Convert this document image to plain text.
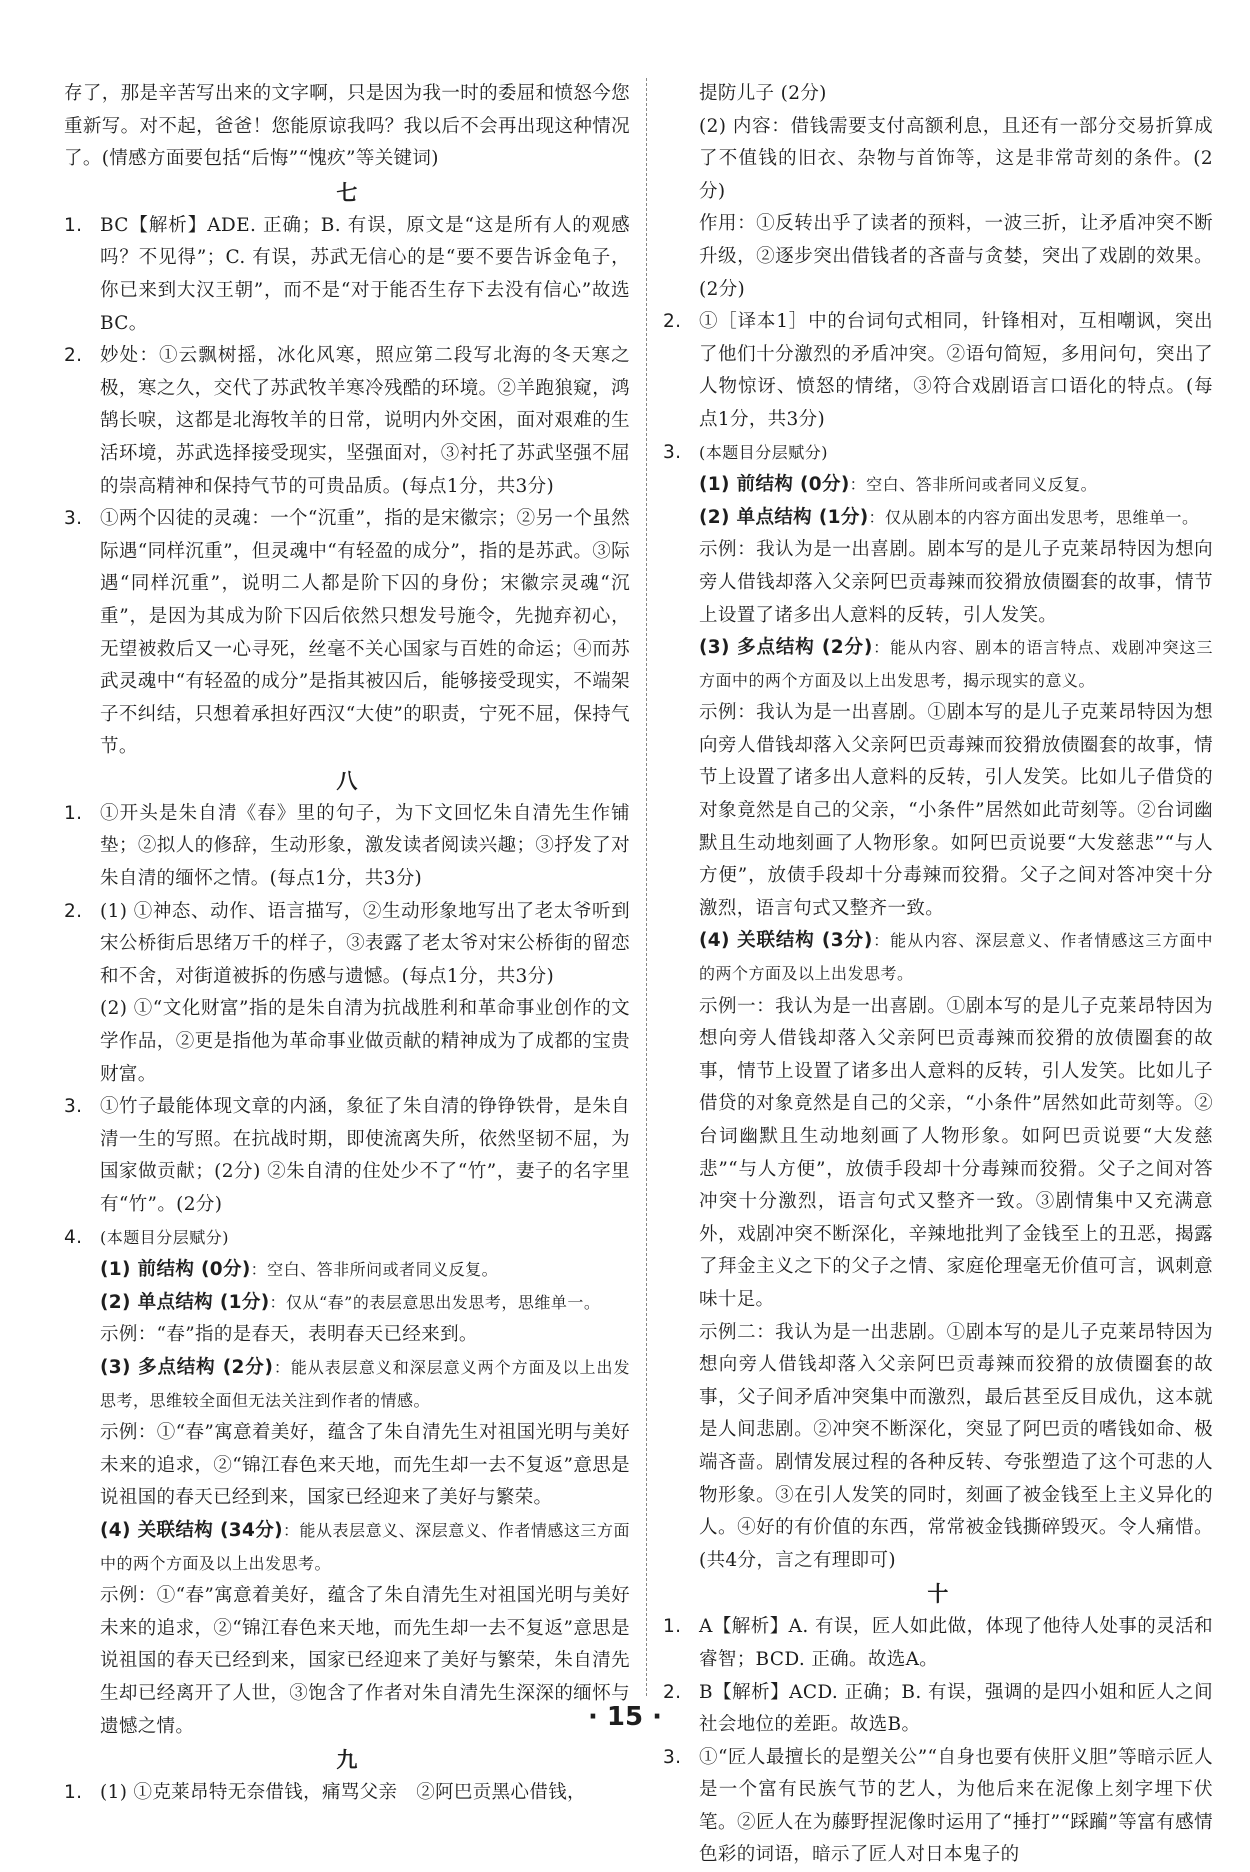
存了，那是辛苦写出来的文字啊，只是因为我一时的委屈和愤怒今您重新写。对不起，爸爸！您能原谅我吗？我以后不会再出现这种情况了。(情感方面要包括“后悔”“愧疚”等关键词)

七

1. BC【解析】ADE. 正确；B. 有误，原文是“这是所有人的观感吗？不见得”；C. 有误，苏武无信心的是“要不要告诉金龟子，你已来到大汉王朝”，而不是“对于能否生存下去没有信心”故选BC。
2. 妙处：①云飘树摇，冰化风寒，照应第二段写北海的冬天寒之极，寒之久，交代了苏武牧羊寒冷残酷的环境。②羊跑狼窥，鸿鹄长唳，这都是北海牧羊的日常，说明内外交困，面对艰难的生活环境，苏武选择接受现实，坚强面对，③衬托了苏武坚强不屈的崇高精神和保持气节的可贵品质。(每点1分，共3分)
3. ①两个囚徒的灵魂：一个“沉重”，指的是宋徽宗；②另一个虽然际遇“同样沉重”，但灵魂中“有轻盈的成分”，指的是苏武。③际遇“同样沉重”，说明二人都是阶下囚的身份；宋徽宗灵魂“沉重”，是因为其成为阶下囚后依然只想发号施令，先抛弃初心，无望被救后又一心寻死，丝毫不关心国家与百姓的命运；④而苏武灵魂中“有轻盈的成分”是指其被囚后，能够接受现实，不端架子不纠结，只想着承担好西汉“大使”的职责，宁死不屈，保持气节。

八

1. ①开头是朱自清《春》里的句子，为下文回忆朱自清先生作铺垫；②拟人的修辞，生动形象，激发读者阅读兴趣；③抒发了对朱自清的缅怀之情。(每点1分，共3分)
2. (1) ①神态、动作、语言描写，②生动形象地写出了老太爷听到宋公桥街后思绪万千的样子，③表露了老太爷对宋公桥街的留恋和不舍，对街道被拆的伤感与遗憾。(每点1分，共3分)

(2) ①“文化财富”指的是朱自清为抗战胜利和革命事业创作的文学作品，②更是指他为革命事业做贡献的精神成为了成都的宝贵财富。

3. ①竹子最能体现文章的内涵，象征了朱自清的铮铮铁骨，是朱自清一生的写照。在抗战时期，即使流离失所，依然坚韧不屈，为国家做贡献；(2分) ②朱自清的住处少不了“竹”，妻子的名字里有“竹”。(2分)
4. (本题目分层赋分)

(1) 前结构 (0分)：空白、答非所问或者同义反复。

(2) 单点结构 (1分)：仅从“春”的表层意思出发思考，思维单一。

示例：“春”指的是春天，表明春天已经来到。

(3) 多点结构 (2分)：能从表层意义和深层意义两个方面及以上出发思考，思维较全面但无法关注到作者的情感。

示例：①“春”寓意着美好，蕴含了朱自清先生对祖国光明与美好未来的追求，②“锦江春色来天地，而先生却一去不复返”意思是说祖国的春天已经到来，国家已经迎来了美好与繁荣。

(4) 关联结构 (34分)：能从表层意义、深层意义、作者情感这三方面中的两个方面及以上出发思考。

示例：①“春”寓意着美好，蕴含了朱自清先生对祖国光明与美好未来的追求，②“锦江春色来天地，而先生却一去不复返”意思是说祖国的春天已经到来，国家已经迎来了美好与繁荣，朱自清先生却已经离开了人世，③饱含了作者对朱自清先生深深的缅怀与遗憾之情。

九

1. (1) ①克莱昂特无奈借钱，痛骂父亲　②阿巴贡黑心借钱，

提防儿子 (2分)

(2) 内容：借钱需要支付高额利息，且还有一部分交易折算成了不值钱的旧衣、杂物与首饰等，这是非常苛刻的条件。(2分)

作用：①反转出乎了读者的预料，一波三折，让矛盾冲突不断升级，②逐步突出借钱者的吝啬与贪婪，突出了戏剧的效果。(2分)

2. ①［译本1］中的台词句式相同，针锋相对，互相嘲讽，突出了他们十分激烈的矛盾冲突。②语句简短，多用问句，突出了人物惊讶、愤怒的情绪，③符合戏剧语言口语化的特点。(每点1分，共3分)
3. (本题目分层赋分)

(1) 前结构 (0分)：空白、答非所问或者同义反复。

(2) 单点结构 (1分)：仅从剧本的内容方面出发思考，思维单一。

示例：我认为是一出喜剧。剧本写的是儿子克莱昂特因为想向旁人借钱却落入父亲阿巴贡毒辣而狡猾放债圈套的故事，情节上设置了诸多出人意料的反转，引人发笑。

(3) 多点结构 (2分)：能从内容、剧本的语言特点、戏剧冲突这三方面中的两个方面及以上出发思考，揭示现实的意义。

示例：我认为是一出喜剧。①剧本写的是儿子克莱昂特因为想向旁人借钱却落入父亲阿巴贡毒辣而狡猾放债圈套的故事，情节上设置了诸多出人意料的反转，引人发笑。比如儿子借贷的对象竟然是自己的父亲，“小条件”居然如此苛刻等。②台词幽默且生动地刻画了人物形象。如阿巴贡说要“大发慈悲”“与人方便”，放债手段却十分毒辣而狡猾。父子之间对答冲突十分激烈，语言句式又整齐一致。

(4) 关联结构 (3分)：能从内容、深层意义、作者情感这三方面中的两个方面及以上出发思考。

示例一：我认为是一出喜剧。①剧本写的是儿子克莱昂特因为想向旁人借钱却落入父亲阿巴贡毒辣而狡猾的放债圈套的故事，情节上设置了诸多出人意料的反转，引人发笑。比如儿子借贷的对象竟然是自己的父亲，“小条件”居然如此苛刻等。②台词幽默且生动地刻画了人物形象。如阿巴贡说要“大发慈悲”“与人方便”，放债手段却十分毒辣而狡猾。父子之间对答冲突十分激烈，语言句式又整齐一致。③剧情集中又充满意外，戏剧冲突不断深化，辛辣地批判了金钱至上的丑恶，揭露了拜金主义之下的父子之情、家庭伦理毫无价值可言，讽刺意味十足。

示例二：我认为是一出悲剧。①剧本写的是儿子克莱昂特因为想向旁人借钱却落入父亲阿巴贡毒辣而狡猾的放债圈套的故事，父子间矛盾冲突集中而激烈，最后甚至反目成仇，这本就是人间悲剧。②冲突不断深化，突显了阿巴贡的嗜钱如命、极端吝啬。剧情发展过程的各种反转、夸张塑造了这个可悲的人物形象。③在引人发笑的同时，刻画了被金钱至上主义异化的人。④好的有价值的东西，常常被金钱撕碎毁灭。令人痛惜。(共4分，言之有理即可)

十

1. A【解析】A. 有误，匠人如此做，体现了他待人处事的灵活和睿智；BCD. 正确。故选A。
2. B【解析】ACD. 正确；B. 有误，强调的是四小姐和匠人之间社会地位的差距。故选B。
3. ①“匠人最擅长的是塑关公”“自身也要有侠肝义胆”等暗示匠人是一个富有民族气节的艺人，为他后来在泥像上刻字埋下伏笔。②匠人在为藤野捏泥像时运用了“捶打”“踩躏”等富有感情色彩的词语，暗示了匠人对日本鬼子的
· 15 ·
